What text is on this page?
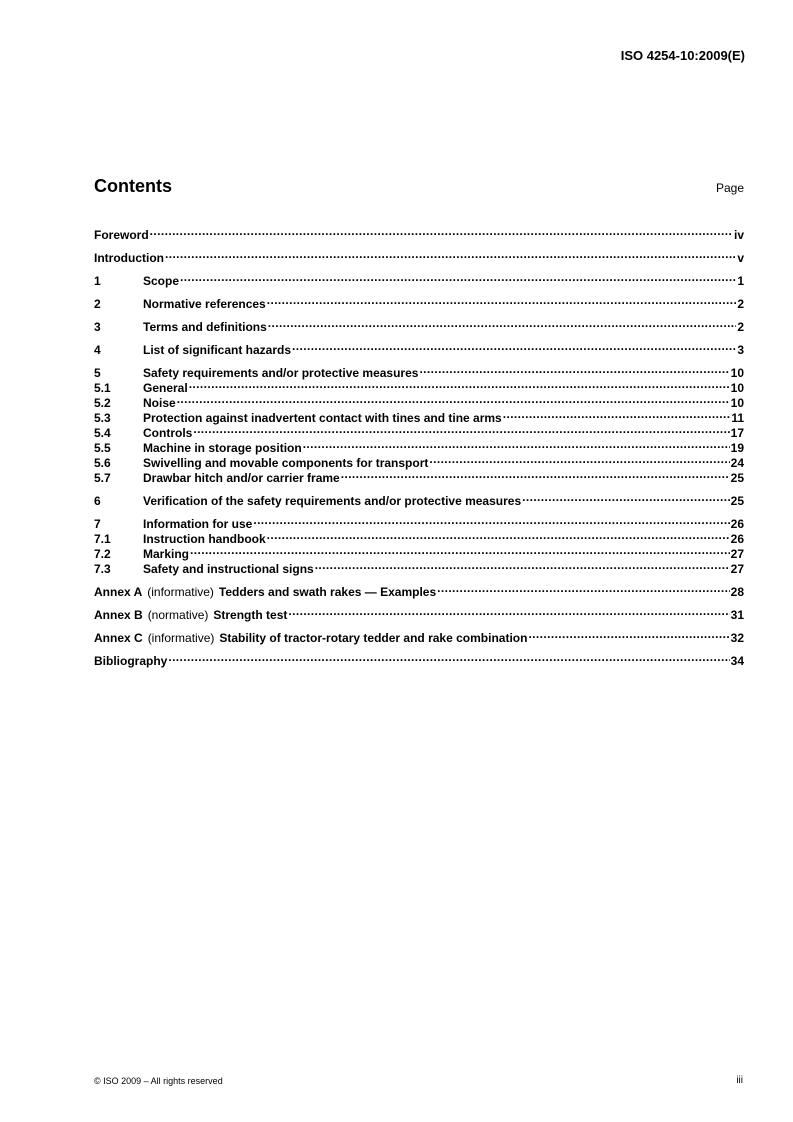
ISO 4254-10:2009(E)
Contents	Page
Foreword .....	iv
Introduction .....	v
1	Scope .....	1
2	Normative references .....	2
3	Terms and definitions .....	2
4	List of significant hazards .....	3
5	Safety requirements and/or protective measures .....	10
5.1	General .....	10
5.2	Noise .....	10
5.3	Protection against inadvertent contact with tines and tine arms .....	11
5.4	Controls .....	17
5.5	Machine in storage position .....	19
5.6	Swivelling and movable components for transport .....	24
5.7	Drawbar hitch and/or carrier frame .....	25
6	Verification of the safety requirements and/or protective measures .....	25
7	Information for use .....	26
7.1	Instruction handbook .....	26
7.2	Marking .....	27
7.3	Safety and instructional signs .....	27
Annex A (informative) Tedders and swath rakes — Examples .....	28
Annex B (normative) Strength test .....	31
Annex C (informative) Stability of tractor-rotary tedder and rake combination .....	32
Bibliography .....	34
© ISO 2009 – All rights reserved	iii
